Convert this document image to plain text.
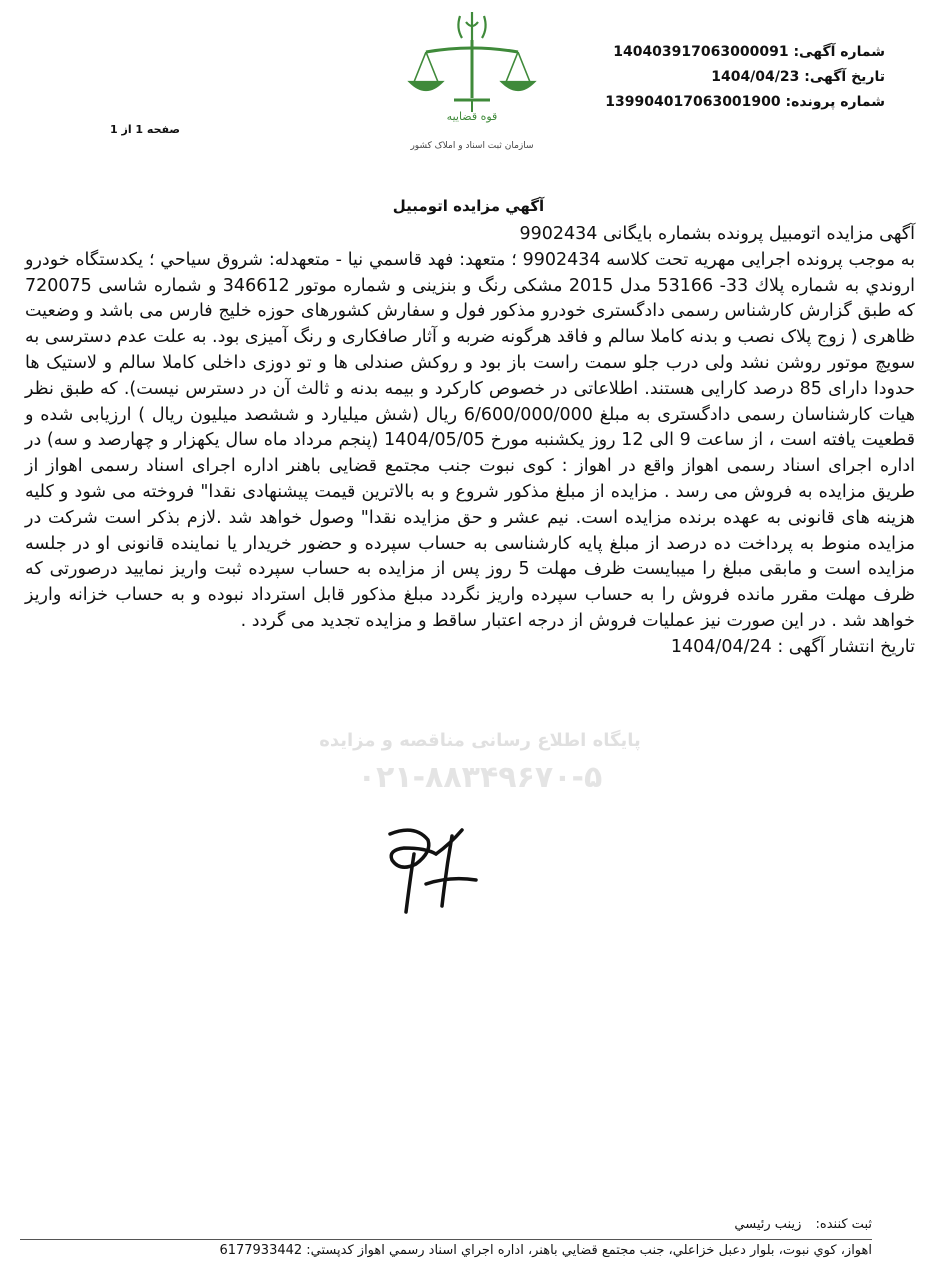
قوه قضاییه
سازمان ثبت اسناد و املاک کشور
شماره آگهی: 140403917063000091
تاریخ آگهی: 1404/04/23
شماره پرونده: 139904017063001900
صفحه 1 از 1
آگهي مزايده اتومبيل
پایگاه اطلاع رسانی مناقصه و مزایده
۰۲۱-۸۸۳۴۹۶۷۰-۵

آگهی مزایده اتومبیل پرونده بشماره بایگانی 9902434

به موجب پرونده اجرایی مهریه تحت کلاسه 9902434 ؛ متعهد: فهد قاسمي نيا - متعهدله: شروق سياحي ؛ يکدستگاه خودرو اروندي به شماره پلاك 33- 53166 مدل 2015 مشکی رنگ و بنزینی و شماره موتور 346612 و شماره شاسی 720075 که طبق گزارش کارشناس رسمی دادگستری خودرو مذکور فول و سفارش کشورهای حوزه خلیج فارس می باشد و وضعیت ظاهری ( زوج پلاک نصب و بدنه کاملا سالم و فاقد هرگونه ضربه و آثار صافکاری و رنگ آمیزی بود. به علت عدم دسترسی به سویچ موتور روشن نشد ولی درب جلو سمت راست باز بود و روکش صندلی ها و تو دوزی داخلی کاملا سالم و لاستیک ها حدودا دارای 85 درصد کارایی هستند. اطلاعاتی در خصوص کارکرد و بیمه بدنه و ثالث آن در دسترس نیست). که طبق نظر هیات کارشناسان رسمی دادگستری به مبلغ 6/600/000/000 ریال (شش میلیارد و ششصد میلیون ریال ) ارزیابی شده و قطعیت یافته است ، از ساعت 9 الی 12 روز یکشنبه مورخ 1404/05/05 (پنجم مرداد ماه سال یکهزار و چهارصد و سه) در اداره اجرای اسناد رسمی اهواز واقع در اهواز : کوی نبوت جنب مجتمع قضایی باهنر اداره اجرای اسناد رسمی اهواز از طریق مزایده به فروش می رسد . مزایده از مبلغ مذکور شروع و به بالاترین قیمت پیشنهادی نقدا" فروخته می شود و کلیه هزینه های قانونی به عهده برنده مزایده است. نیم عشر و حق مزایده نقدا" وصول خواهد شد .لازم بذکر است شرکت در مزایده منوط به پرداخت ده درصد از مبلغ پایه کارشناسی به حساب سپرده و حضور خریدار یا نماینده قانونی او در جلسه مزایده است و مابقی مبلغ را میبایست ظرف مهلت 5 روز پس از مزایده به حساب سپرده ثبت واریز نمایید درصورتی که ظرف مهلت مقرر مانده فروش را به حساب سپرده واریز نگردد مبلغ مذکور قابل استرداد نبوده و به حساب خزانه واریز خواهد شد . در این صورت نیز عملیات فروش از درجه اعتبار ساقط و مزایده تجدید می گردد .

تاریخ انتشار آگهی : 1404/04/24

ثبت کننده: زينب رئيسي
اهواز، كوي نبوت، بلوار دعبل خزاعلي، جنب مجتمع قضايي باهنر، اداره اجراي اسناد رسمي اهواز كدپستي: 6177933442
